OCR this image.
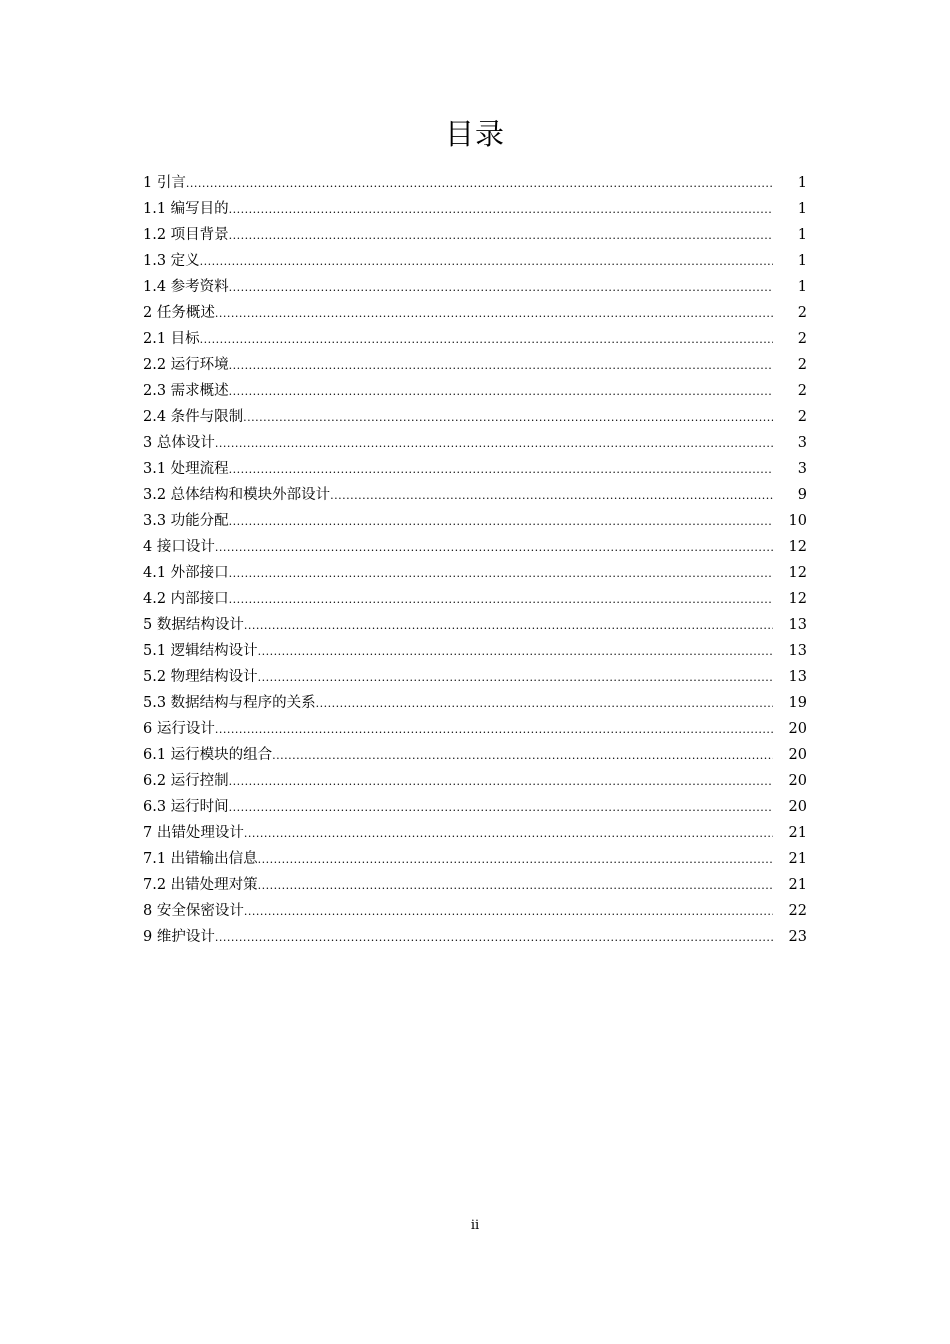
目录
1 引言 .....	1
1.1 编写目的 .....	1
1.2 项目背景 .....	1
1.3 定义 .....	1
1.4 参考资料 .....	1
2 任务概述 .....	2
2.1 目标 .....	2
2.2 运行环境 .....	2
2.3 需求概述 .....	2
2.4 条件与限制 .....	2
3 总体设计 .....	3
3.1 处理流程 .....	3
3.2 总体结构和模块外部设计 .....	9
3.3 功能分配 .....	10
4 接口设计 .....	12
4.1 外部接口 .....	12
4.2 内部接口 .....	12
5 数据结构设计 .....	13
5.1 逻辑结构设计 .....	13
5.2 物理结构设计 .....	13
5.3 数据结构与程序的关系 .....	19
6 运行设计 .....	20
6.1 运行模块的组合 .....	20
6.2 运行控制 .....	20
6.3 运行时间 .....	20
7 出错处理设计 .....	21
7.1 出错输出信息 .....	21
7.2 出错处理对策 .....	21
8 安全保密设计 .....	22
9 维护设计 .....	23
ii
